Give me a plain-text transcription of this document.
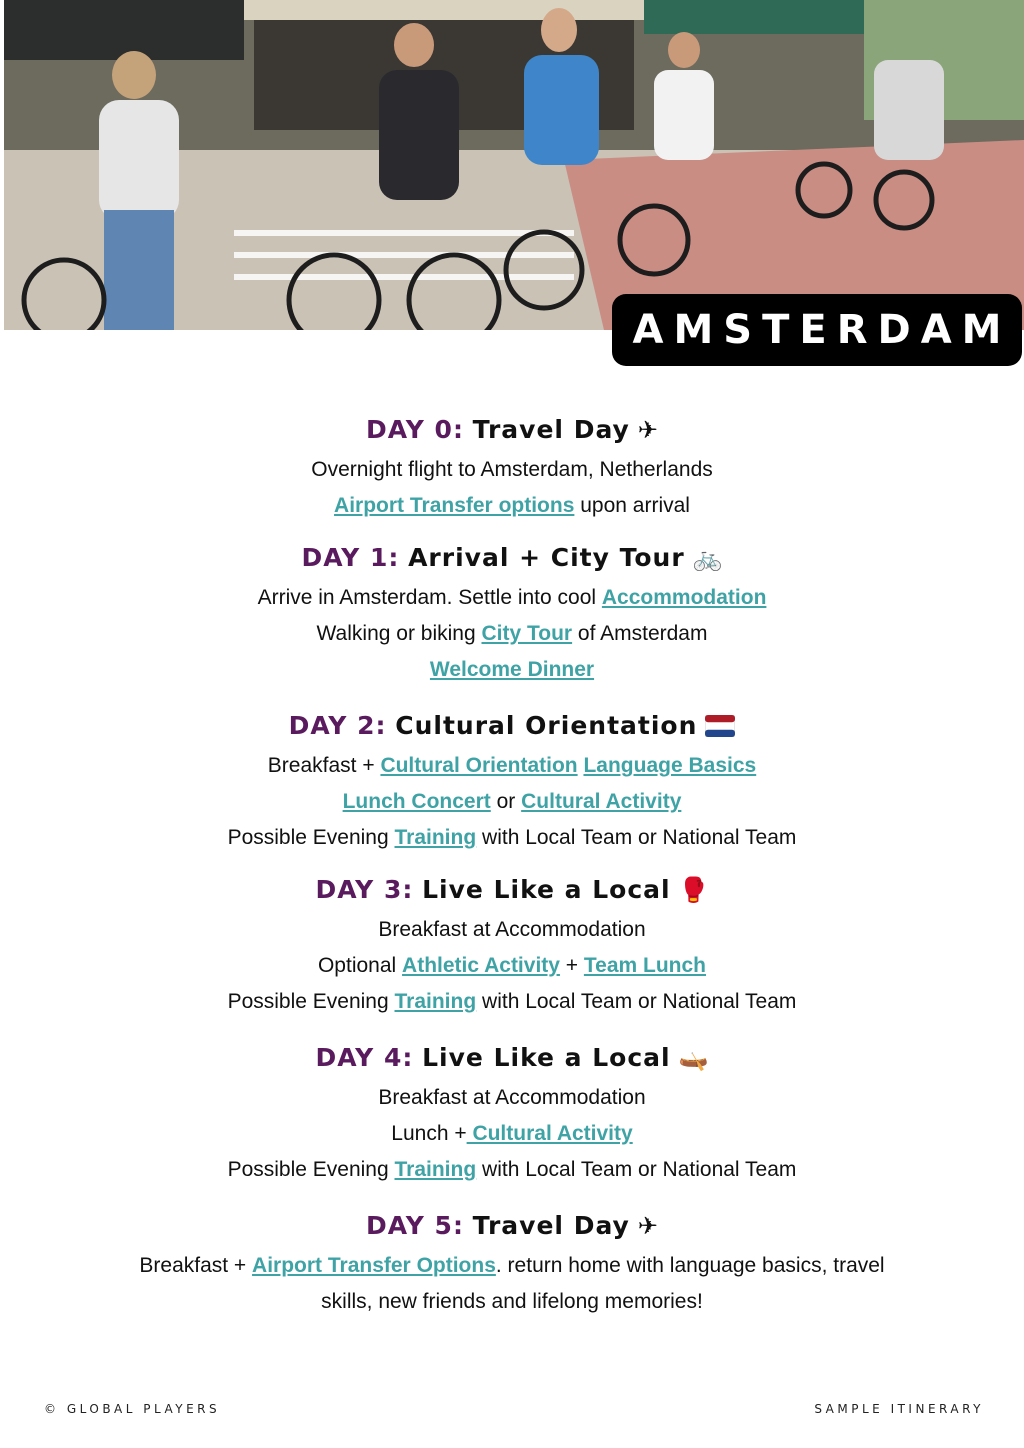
AMSTERDAM

DAY 0: Travel Day ✈

Overnight flight to Amsterdam, Netherlands

Airport Transfer options upon arrival

DAY 1: Arrival + City Tour 🚲

Arrive in Amsterdam. Settle into cool Accommodation

Walking or biking City Tour of Amsterdam

Welcome Dinner

DAY 2: Cultural Orientation

Breakfast + Cultural Orientation Language Basics

Lunch Concert or Cultural Activity

Possible Evening Training with Local Team or National Team

DAY 3: Live Like a Local 🥊

Breakfast at Accommodation

Optional Athletic Activity + Team Lunch

Possible Evening Training with Local Team or National Team

DAY 4: Live Like a Local 🛶

Breakfast at Accommodation

Lunch + Cultural Activity

Possible Evening Training with Local Team or National Team

DAY 5: Travel Day ✈

Breakfast + Airport Transfer Options. return home with language basics, travel

skills, new friends and lifelong memories!

© GLOBAL PLAYERS	SAMPLE ITINERARY
